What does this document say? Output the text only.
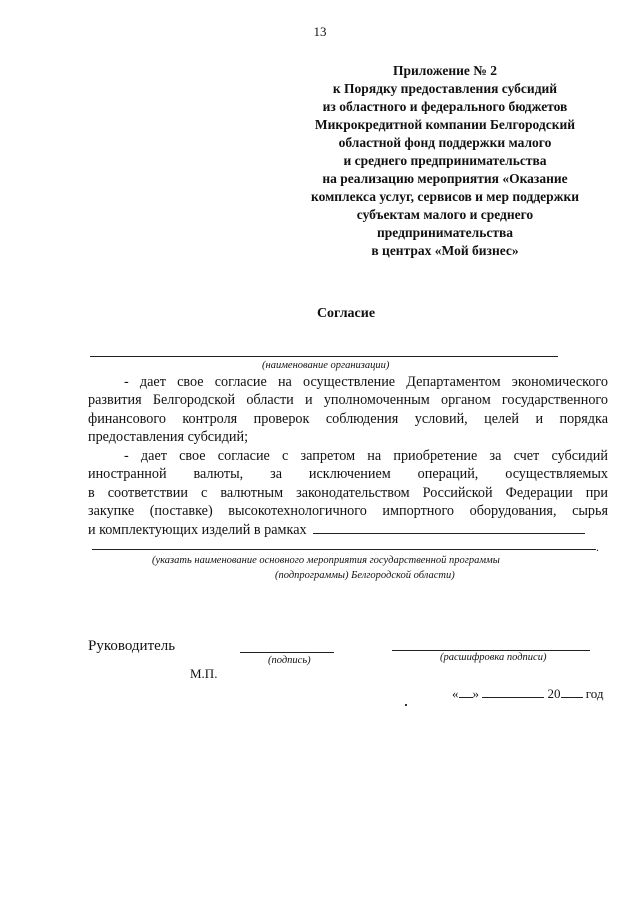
13
Приложение № 2
к Порядку предоставления субсидий
из областного и федерального бюджетов
Микрокредитной компании Белгородский
областной фонд поддержки малого
и среднего предпринимательства
на реализацию мероприятия «Оказание
комплекса услуг, сервисов и мер поддержки
субъектам малого и среднего
предпринимательства
в центрах «Мой бизнес»
Согласие
(наименование организации)
- дает свое согласие на осуществление Департаментом экономического
развития Белгородской области и уполномоченным органом государственного
финансового контроля проверок соблюдения условий, целей и порядка
предоставления субсидий;
- дает свое согласие с запретом на приобретение за счет субсидий
иностранной валюты, за исключением операций, осуществляемых
в соответствии с валютным законодательством Российской Федерации при
закупке (поставке) высокотехнологичного импортного оборудования, сырья
и комплектующих изделий в рамках
.
(указать наименование основного мероприятия государственной программы
(подпрограммы) Белгородской области)
Руководитель
(подпись)	(расшифровка подписи)
М.П.
« »	20 год
